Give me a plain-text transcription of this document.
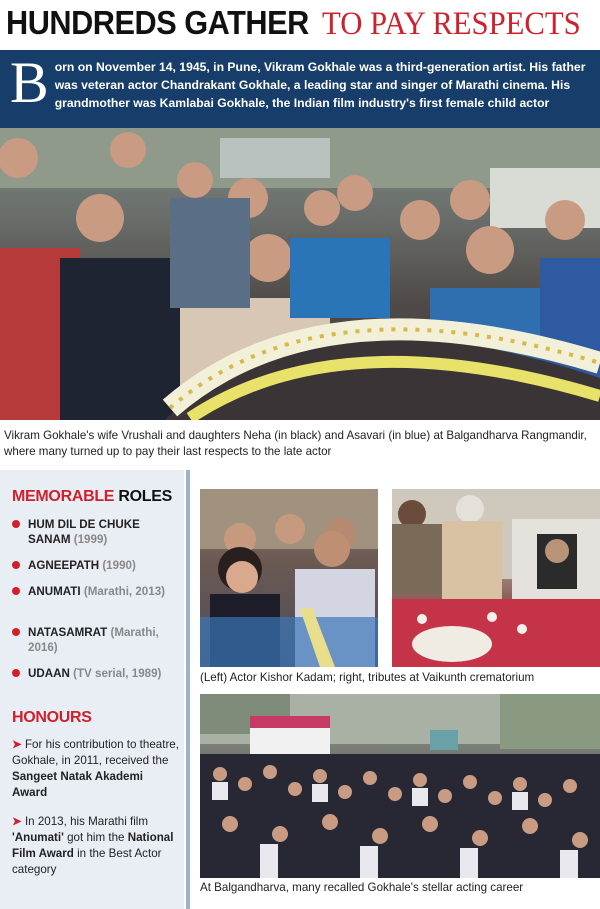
HUNDREDS GATHER TO PAY RESPECTS
B orn on November 14, 1945, in Pune, Vikram Gokhale was a third-generation artist. His father was veteran actor Chandrakant Gokhale, a leading star and singer of Marathi cinema. His grandmother was Kamlabai Gokhale, the Indian film industry's first female child actor
Vikram Gokhale's wife Vrushali and daughters Neha (in black) and Asavari (in blue) at Balgandharva Rangmandir, where many turned up to pay their last respects to the late actor
MEMORABLE ROLES
HUM DIL DE CHUKE SANAM (1999)
AGNEEPATH (1990)
ANUMATI (Marathi, 2013)
NATASAMRAT (Marathi, 2016)
UDAAN (TV serial, 1989)
HONOURS
➤ For his contribution to theatre, Gokhale, in 2011, received the Sangeet Natak Akademi Award
➤ In 2013, his Marathi film 'Anumati' got him the National Film Award in the Best Actor category
(Left) Actor Kishor Kadam; right, tributes at Vaikunth crematorium
At Balgandharva, many recalled Gokhale's stellar acting career
